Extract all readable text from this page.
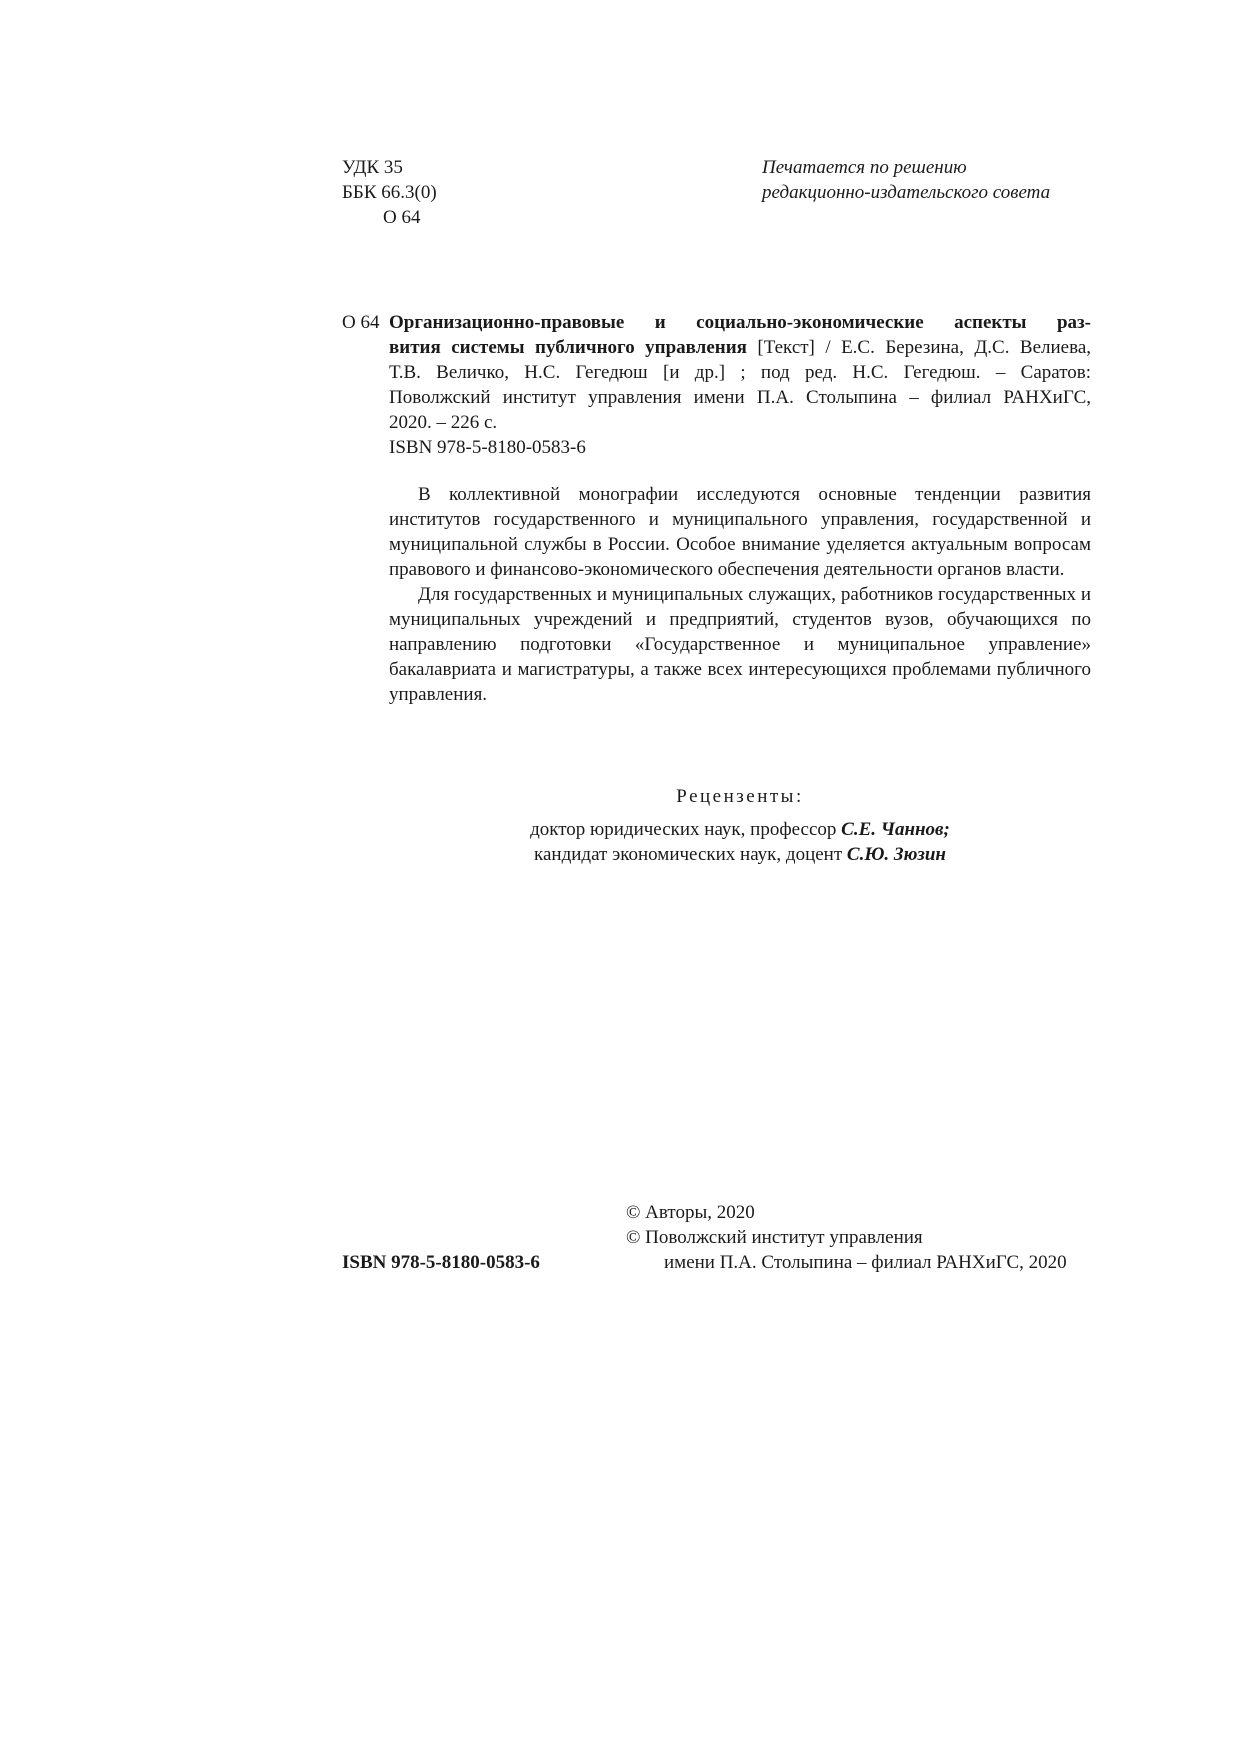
УДК 35
ББК 66.3(0)
О 64
Печатается по решению
редакционно-издательского совета
О 64 Организационно-правовые и социально-экономические аспекты раз-
вития системы публичного управления [Текст] / Е.С. Березина, Д.С. Велиева,
Т.В. Величко, Н.С. Гегедюш [и др.] ; под ред. Н.С. Гегедюш. – Саратов:
Поволжский институт управления имени П.А. Столыпина – филиал РАНХиГС,
2020. – 226 с.
ISBN 978-5-8180-0583-6

В коллективной монографии исследуются основные тенденции развития институтов государственного и муниципального управления, государственной и муниципальной службы в России. Особое внимание уделяется актуальным вопросам правового и финансово-экономического обеспечения деятельности органов власти.

Для государственных и муниципальных служащих, работников государственных и муниципальных учреждений и предприятий, студентов вузов, обучающихся по направлению подготовки «Государственное и муниципальное управление» бакалавриата и магистратуры, а также всех интересующихся проблемами публичного управления.

Рецензенты:
доктор юридических наук, профессор С.Е. Чаннов;
кандидат экономических наук, доцент С.Ю. Зюзин
ISBN 978-5-8180-0583-6
© Авторы, 2020
© Поволжский институт управления
имени П.А. Столыпина – филиал РАНХиГС, 2020
